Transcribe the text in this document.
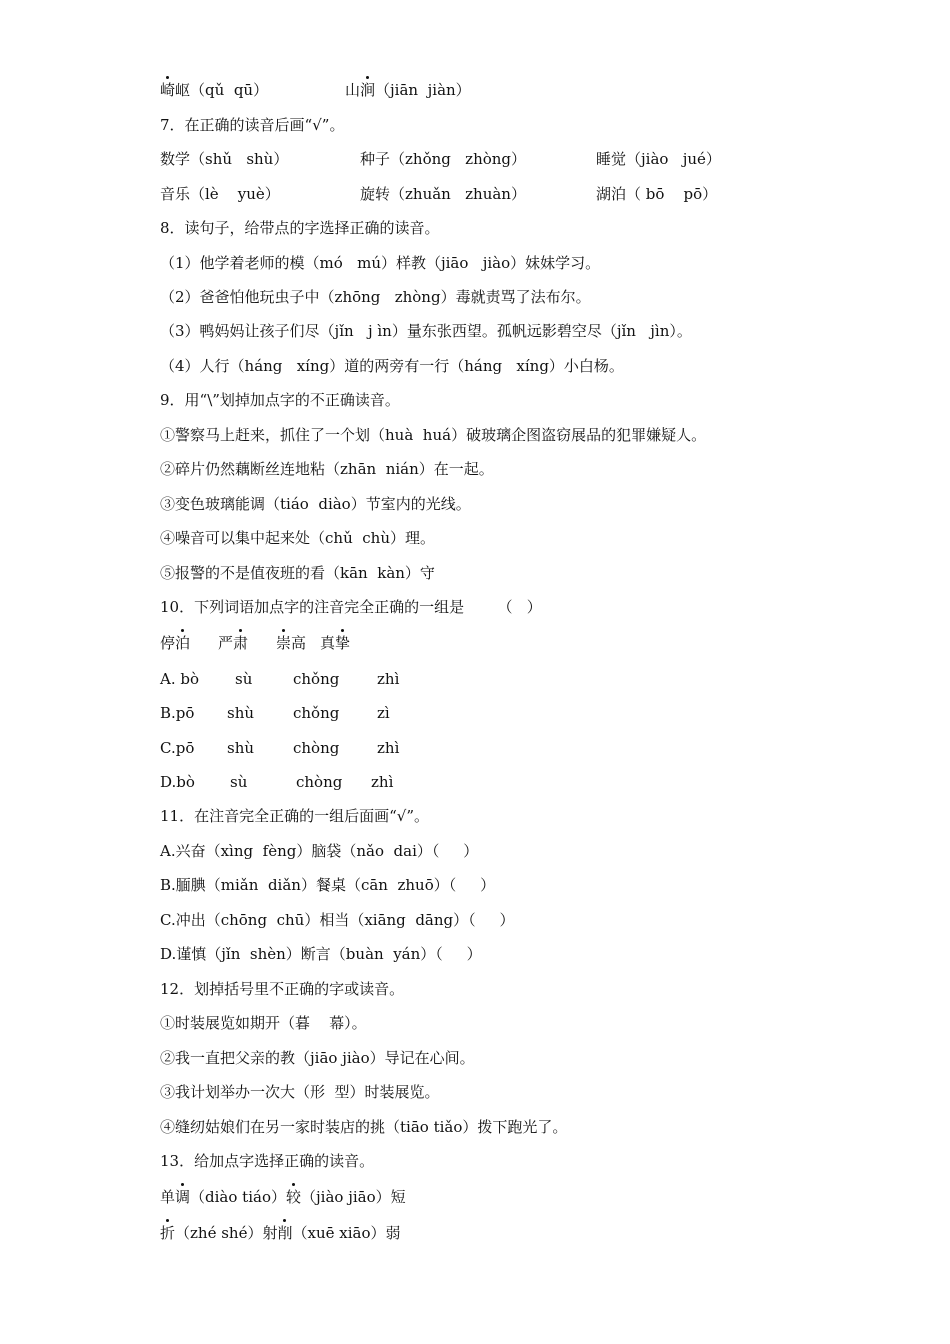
崎岖（qǔ  qū）	山涧（jiān  jiàn）
7．在正确的读音后画“√”。
数学（shǔ   shù）	种子（zhǒng   zhòng）	睡觉（jiào   jué）
音乐（lè    yuè）	旋转（zhuǎn   zhuàn）	湖泊（ bō    pō）
8．读句子，给带点的字选择正确的读音。
（1）他学着老师的模（mó   mú）样教（jiāo   jiào）妹妹学习。
（2）爸爸怕他玩虫子中（zhōng   zhòng）毒就责骂了法布尔。
（3）鸭妈妈让孩子们尽（jǐn   j ìn）量东张西望。孤帆远影碧空尽（jǐn   jìn）。
（4）人行（háng   xíng）道的两旁有一行（háng   xíng）小白杨。
9．用“\”划掉加点字的不正确读音。
①警察马上赶来，抓住了一个划（huà  huá）破玻璃企图盗窃展品的犯罪嫌疑人。
②碎片仍然藕断丝连地粘（zhān  nián）在一起。
③变色玻璃能调（tiáo  diào）节室内的光线。
④噪音可以集中起来处（chǔ  chù）理。
⑤报警的不是值夜班的看（kān  kàn）守
10．下列词语加点字的注音完全正确的一组是       （   ）
停泊 严肃 崇高 真挚
A. bò sù	chǒng	zhì
B.pō shù	chǒng	zì
C.pō shù	chòng	zhì
D.bò sù	chòng zhì
11．在注音完全正确的一组后面画“√”。
A.兴奋（xìng  fèng）脑袋（nǎo  dai）（     ）
B.腼腆（miǎn  diǎn）餐桌（cān  zhuō）（     ）
C.冲出（chōng  chū）相当（xiāng  dāng）（     ）
D.谨慎（jǐn  shèn）断言（buàn  yán）（     ）
12．划掉括号里不正确的字或读音。
①时装展览如期开（暮    幕）。
②我一直把父亲的教（jiāo jiào）导记在心间。
③我计划举办一次大（形  型）时装展览。
④缝纫姑娘们在另一家时装店的挑（tiāo tiǎo）拨下跑光了。
13．给加点字选择正确的读音。
单调（diào tiáo）较（jiào jiāo）短
折（zhé shé）射削（xuē xiāo）弱
